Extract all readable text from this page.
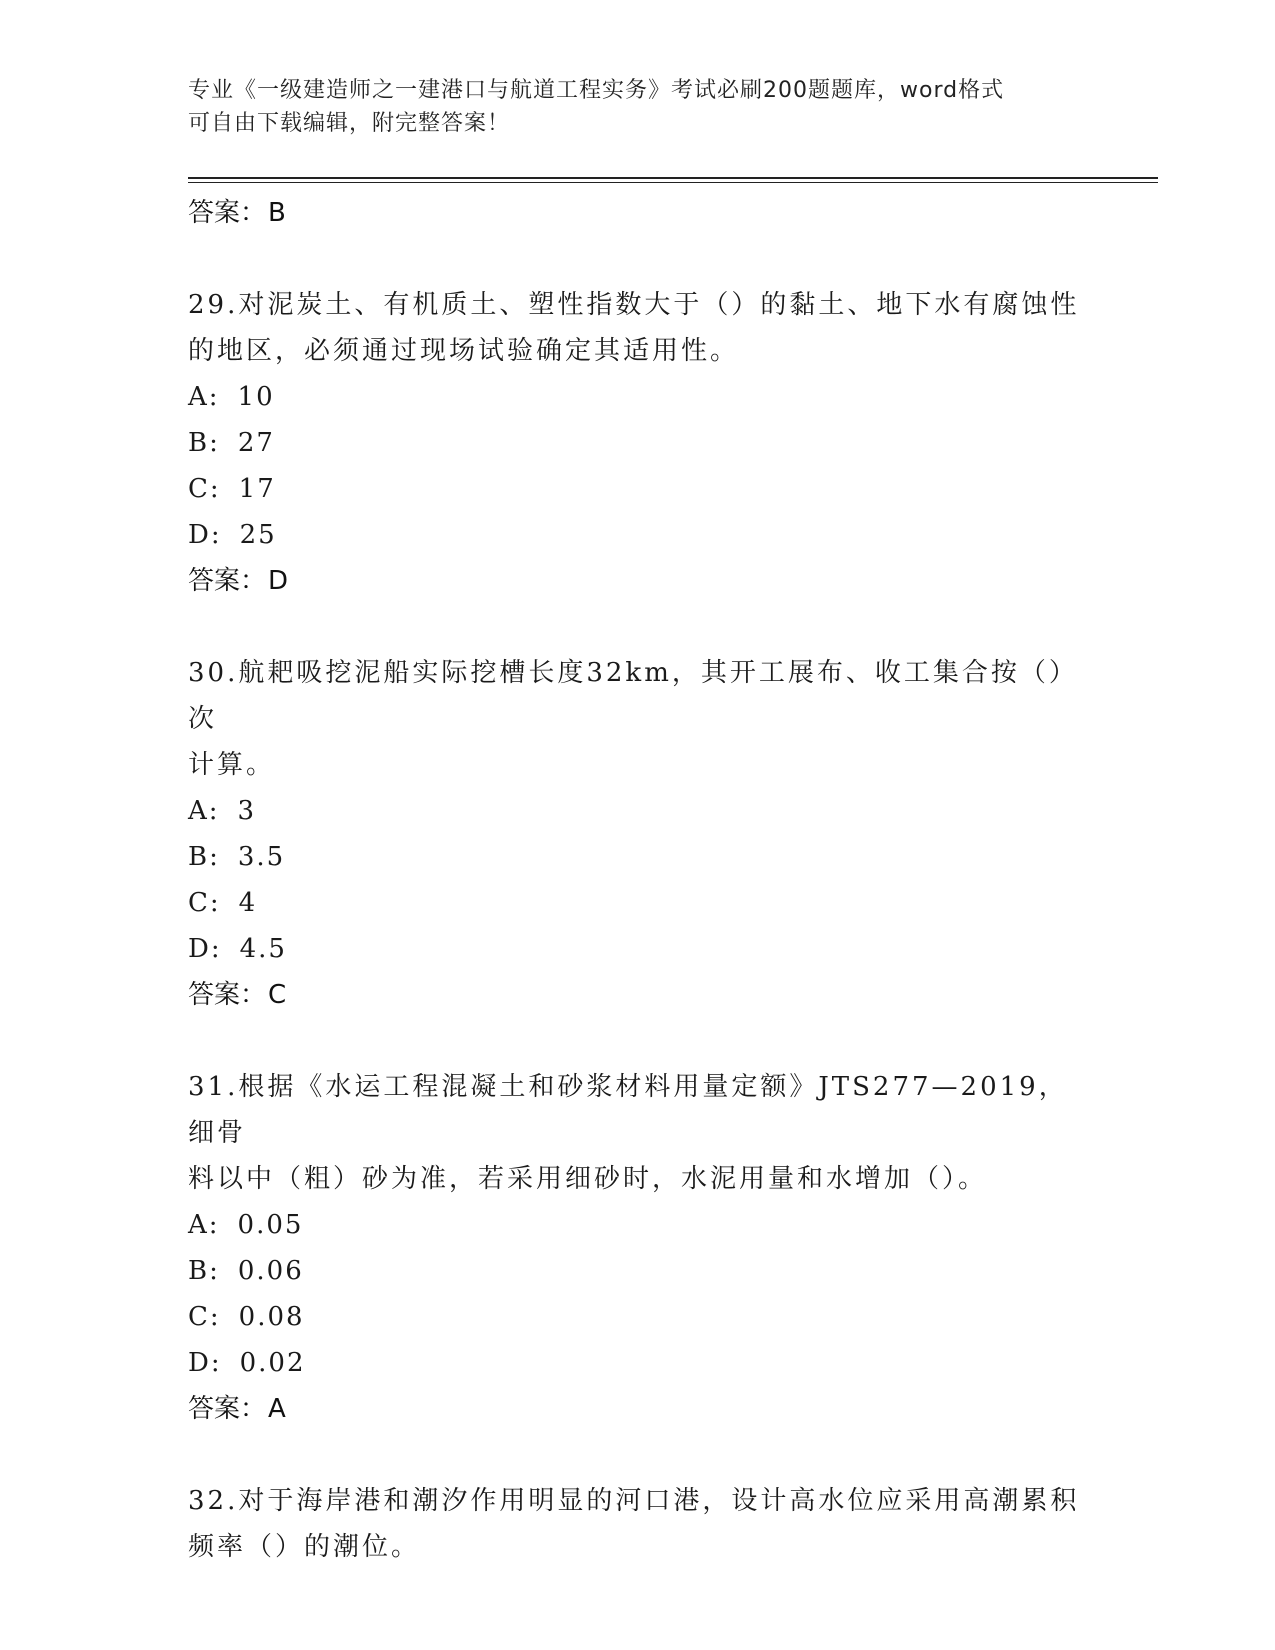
专业《一级建造师之一建港口与航道工程实务》考试必刷200题题库，word格式
可自由下载编辑，附完整答案！
答案：B
29.对泥炭土、有机质土、塑性指数大于（）的黏土、地下水有腐蚀性
的地区，必须通过现场试验确定其适用性。
A: 10
B: 27
C: 17
D: 25
答案：D
30.航耙吸挖泥船实际挖槽长度32km，其开工展布、收工集合按（）次
计算。
A: 3
B: 3.5
C: 4
D: 4.5
答案：C
31.根据《水运工程混凝土和砂浆材料用量定额》JTS277—2019，细骨
料以中（粗）砂为准，若采用细砂时，水泥用量和水增加（）。
A: 0.05
B: 0.06
C: 0.08
D: 0.02
答案：A
32.对于海岸港和潮汐作用明显的河口港，设计高水位应采用高潮累积
频率（）的潮位。
